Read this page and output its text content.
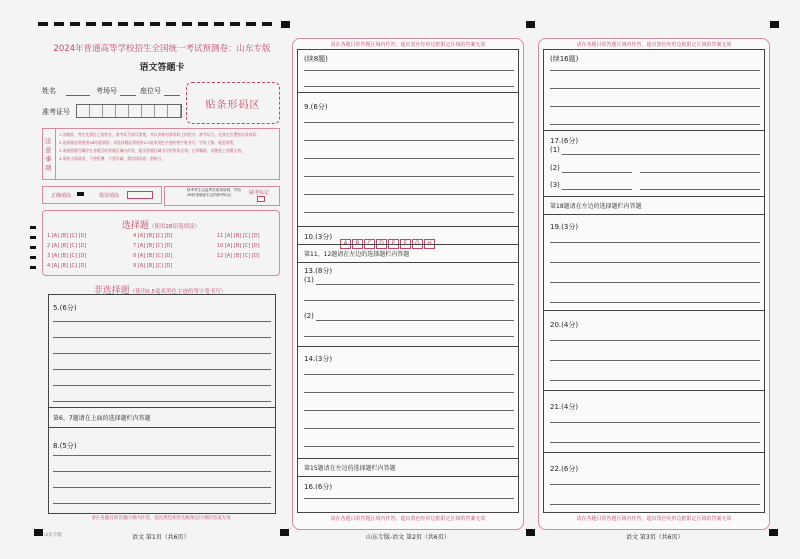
2024年普通高等学校招生全国统一考试预测卷：山东专版
语文答题卡
姓名	考场号	座位号
准考证号
贴条形码区
注意事项
1.答题前，考生先将自己的姓名、准考证号填写清楚，并认真核对条形码上的姓名、准考证号，在规定位置贴好条形码。
2.选择题必须使用2B铅笔填涂；非选择题必须使用0.5毫米黑色字迹的签字笔书写，字体工整、笔迹清楚。
3.请按照题号顺序在各题目的答题区域内作答，超出答题区域书写的答案无效；在草稿纸、试题卷上答题无效。
4.保持卡面清洁，不要折叠、不要弄破，禁用涂改液、刮纸刀。
正确填涂	错误填涂
缺考考生由监考员贴条形码，并用2B铅笔填涂右边的缺考标记	缺考标记
选择题（使用2B铅笔填涂）
1 [A] [B] [C] [D]
2 [A] [B] [C] [D]
3 [A] [B] [C] [D]
4 [A] [B] [C] [D]
4 [A] [B] [C] [D]
7 [A] [B] [C] [D]
8 [A] [B] [C] [D]
9 [A] [B] [C] [D]
11 [A] [B] [C] [D]
10 [A] [B] [C] [D]
12 [A] [B] [C] [D]
非选择题（使用0.5毫米黑色字迹的签字笔书写）
5.(6分)
第6、7题请在上面的选择题栏内答题
8.(5分)
请在各题目的答题区域内作答，超出黑色矩形边框限定区域的答案无效
山东专版	语文 第1页（共6页）
请在各题目的答题区域内作答，超出黑色矩形边框限定区域的答案无效
(续8题)
9.(6分)
10.(3分)
A B C D E F G H
第11、12题请在左边的选择题栏内答题
13.(8分)
(1)
(2)
14.(3分)
第15题请在左边的选择题栏内答题
16.(6分)
请在各题目的答题区域内作答，超出黑色矩形边框限定区域的答案无效
山东专版-语文 第2页（共6页）
请在各题目的答题区域内作答，超出黑色矩形边框限定区域的答案无效
(续16题)
17.(6分)
(1)
(2)
(3)
第18题请在左边的选择题栏内答题
19.(3分)
20.(4分)
21.(4分)
22.(6分)
请在各题目的答题区域内作答，超出黑色矩形边框限定区域的答案无效
语文 第3页（共6页）
